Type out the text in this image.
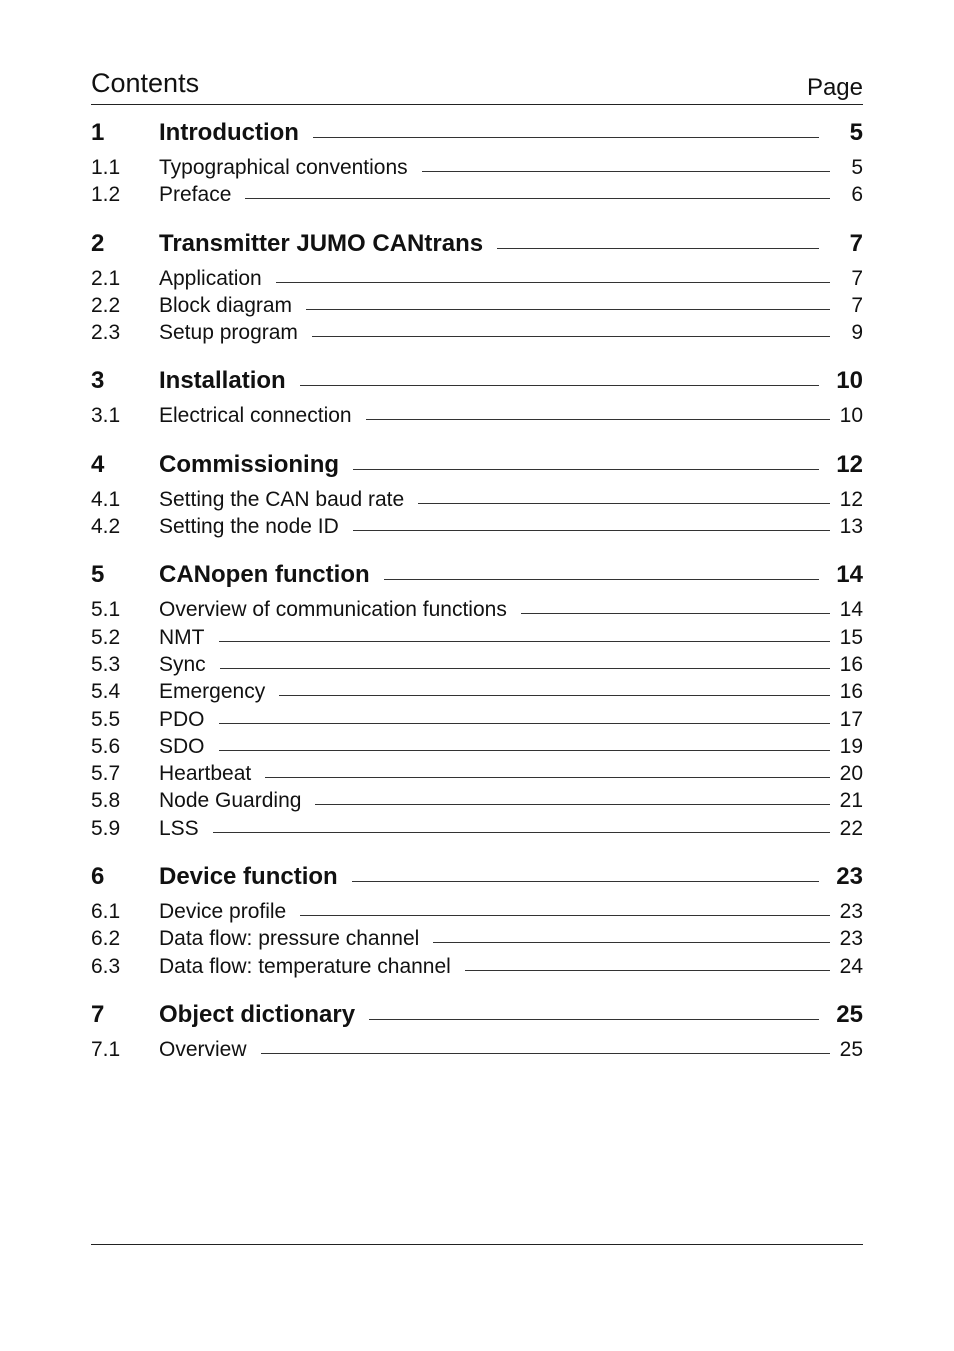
Contents	Page
1	Introduction	5
1.1	Typographical conventions	5
1.2	Preface	6
2	Transmitter JUMO CANtrans	7
2.1	Application	7
2.2	Block diagram	7
2.3	Setup program	9
3	Installation	10
3.1	Electrical connection	10
4	Commissioning	12
4.1	Setting the CAN baud rate	12
4.2	Setting the node ID	13
5	CANopen function	14
5.1	Overview of communication functions	14
5.2	NMT	15
5.3	Sync	16
5.4	Emergency	16
5.5	PDO	17
5.6	SDO	19
5.7	Heartbeat	20
5.8	Node Guarding	21
5.9	LSS	22
6	Device function	23
6.1	Device profile	23
6.2	Data flow: pressure channel	23
6.3	Data flow: temperature channel	24
7	Object dictionary	25
7.1	Overview	25
